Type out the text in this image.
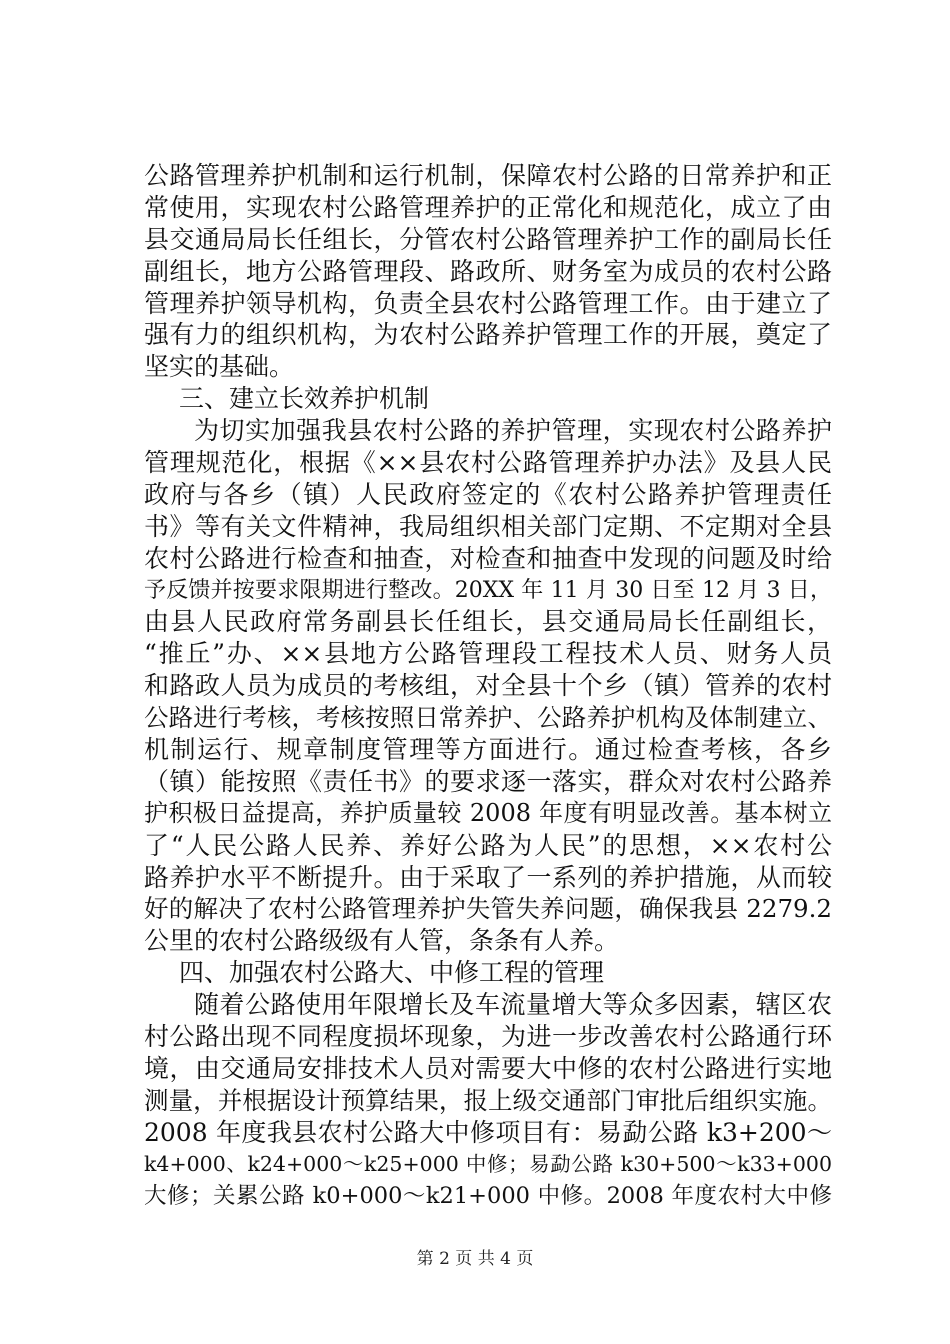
公路管理养护机制和运行机制，保障农村公路的日常养护和正
常使用，实现农村公路管理养护的正常化和规范化，成立了由
县交通局局长任组长，分管农村公路管理养护工作的副局长任
副组长，地方公路管理段、路政所、财务室为成员的农村公路
管理养护领导机构，负责全县农村公路管理工作。由于建立了
强有力的组织机构，为农村公路养护管理工作的开展，奠定了
坚实的基础。
三、建立长效养护机制
为切实加强我县农村公路的养护管理，实现农村公路养护
管理规范化，根据《××县农村公路管理养护办法》及县人民
政府与各乡（镇）人民政府签定的《农村公路养护管理责任
书》等有关文件精神，我局组织相关部门定期、不定期对全县
农村公路进行检查和抽查，对检查和抽查中发现的问题及时给
予反馈并按要求限期进行整改。20XX 年 11 月 30 日至 12 月 3 日，
由县人民政府常务副县长任组长，县交通局局长任副组长，
“推丘”办、××县地方公路管理段工程技术人员、财务人员
和路政人员为成员的考核组，对全县十个乡（镇）管养的农村
公路进行考核，考核按照日常养护、公路养护机构及体制建立、
机制运行、规章制度管理等方面进行。通过检查考核，各乡
（镇）能按照《责任书》的要求逐一落实，群众对农村公路养
护积极日益提高，养护质量较 2008 年度有明显改善。基本树立
了“人民公路人民养、养好公路为人民”的思想，××农村公
路养护水平不断提升。由于采取了一系列的养护措施，从而较
好的解决了农村公路管理养护失管失养问题，确保我县 2279.2
公里的农村公路级级有人管，条条有人养。
四、加强农村公路大、中修工程的管理
随着公路使用年限增长及车流量增大等众多因素，辖区农
村公路出现不同程度损坏现象，为进一步改善农村公路通行环
境，由交通局安排技术人员对需要大中修的农村公路进行实地
测量，并根据设计预算结果，报上级交通部门审批后组织实施。
2008 年度我县农村公路大中修项目有：易勐公路 k3+200～
k4+000、k24+000～k25+000 中修；易勐公路 k30+500～k33+000
大修；关累公路 k0+000～k21+000 中修。2008 年度农村大中修
第 2 页 共 4 页
